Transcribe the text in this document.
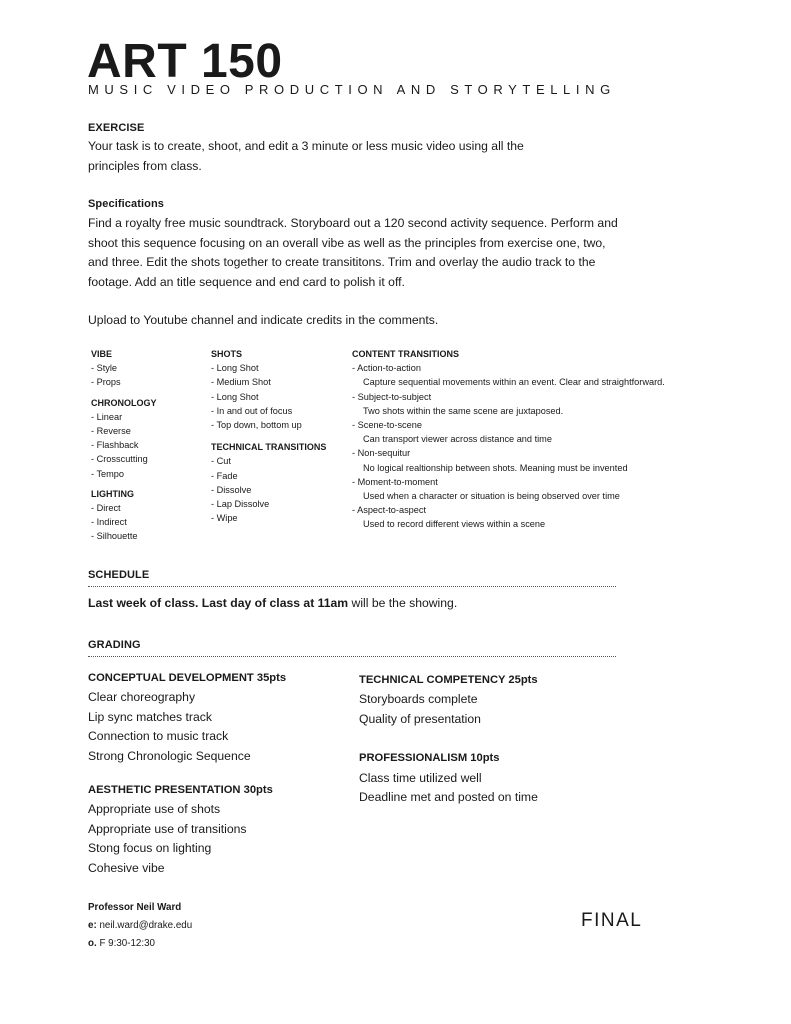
ART 150
MUSIC VIDEO PRODUCTION AND STORYTELLING
EXERCISE
Your task is to create, shoot, and edit a 3 minute or less music video using all the principles from class.
Specifications
Find a royalty free music soundtrack. Storyboard out a 120 second activity sequence. Perform and shoot this sequence focusing on an overall vibe as well as the principles from exercise one, two, and three. Edit the shots together to create transititons. Trim and overlay the audio track to the footage. Add an title sequence and end card to polish it off.
Upload to Youtube channel and indicate credits in the comments.
VIBE
- Style
- Props
CHRONOLOGY
- Linear
- Reverse
- Flashback
- Crosscutting
- Tempo
LIGHTING
- Direct
- Indirect
- Silhouette
SHOTS
- Long Shot
- Medium Shot
- Long Shot
- In and out of focus
- Top down, bottom up
TECHNICAL TRANSITIONS
- Cut
- Fade
- Dissolve
- Lap Dissolve
- Wipe
CONTENT TRANSITIONS
- Action-to-action
Capture sequential movements within an event. Clear and straightforward.
- Subject-to-subject
Two shots within the same scene are juxtaposed.
- Scene-to-scene
Can transport viewer across distance and time
- Non-sequitur
No logical realtionship between shots. Meaning must be invented
- Moment-to-moment
Used when a character or situation is being observed over time
- Aspect-to-aspect
Used to record different views within a scene
SCHEDULE
Last week of class. Last day of class at 11am will be the showing.
GRADING
CONCEPTUAL DEVELOPMENT 35pts
Clear choreography
Lip sync matches track
Connection to music track
Strong Chronologic Sequence
AESTHETIC PRESENTATION 30pts
Appropriate use of shots
Appropriate use of transitions
Stong focus on lighting
Cohesive vibe
TECHNICAL COMPETENCY 25pts
Storyboards complete
Quality of presentation
PROFESSIONALISM 10pts
Class time utilized well
Deadline met and posted on time
Professor Neil Ward
e: neil.ward@drake.edu
o. F 9:30-12:30
FINAL
